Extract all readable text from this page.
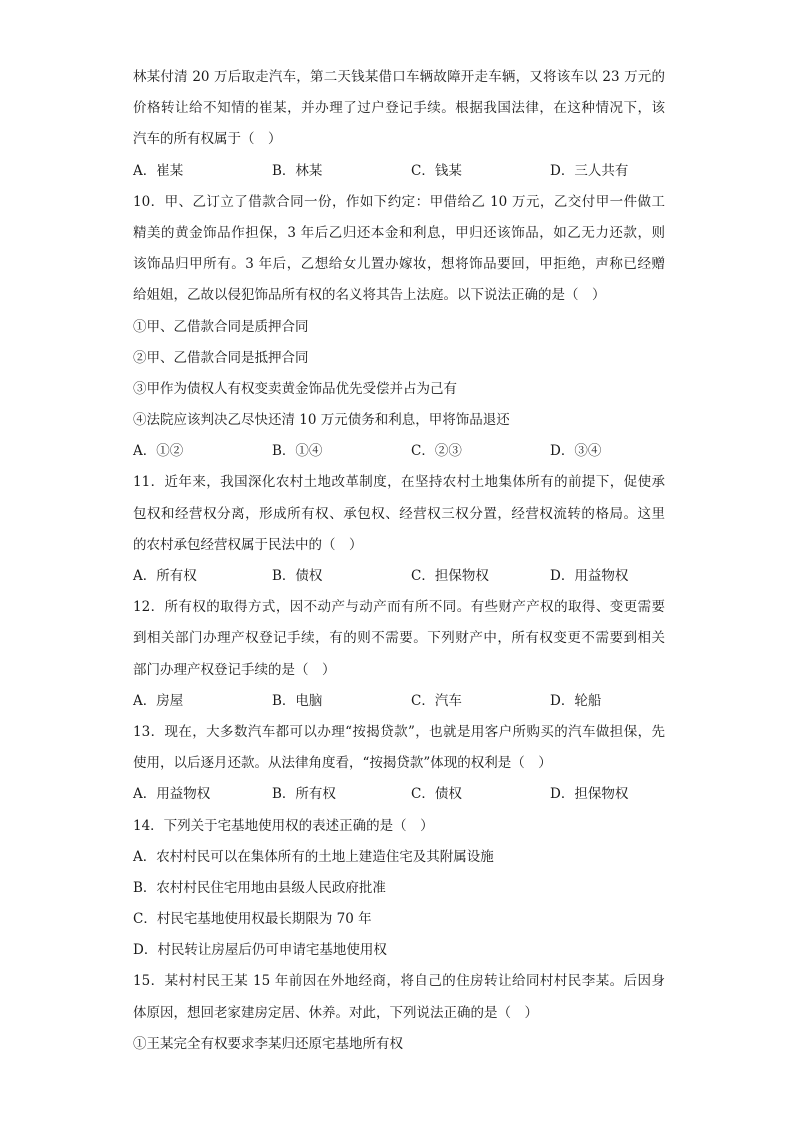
林某付清 20 万后取走汽车，第二天钱某借口车辆故障开走车辆，又将该车以 23 万元的
价格转让给不知情的崔某，并办理了过户登记手续。根据我国法律，在这种情况下，该
汽车的所有权属于（　）
A．崔某	B．林某	C．钱某	D．三人共有
10．甲、乙订立了借款合同一份，作如下约定：甲借给乙 10 万元，乙交付甲一件做工
精美的黄金饰品作担保，3 年后乙归还本金和利息，甲归还该饰品，如乙无力还款，则
该饰品归甲所有。3 年后，乙想给女儿置办嫁妆，想将饰品要回，甲拒绝，声称已经赠
给姐姐，乙故以侵犯饰品所有权的名义将其告上法庭。以下说法正确的是（　）
①甲、乙借款合同是质押合同
②甲、乙借款合同是抵押合同
③甲作为债权人有权变卖黄金饰品优先受偿并占为己有
④法院应该判决乙尽快还清 10 万元债务和利息，甲将饰品退还
A．①②	B．①④	C．②③	D．③④
11．近年来，我国深化农村土地改革制度，在坚持农村土地集体所有的前提下，促使承
包权和经营权分离，形成所有权、承包权、经营权三权分置，经营权流转的格局。这里
的农村承包经营权属于民法中的（　）
A．所有权	B．债权	C．担保物权	D．用益物权
12．所有权的取得方式，因不动产与动产而有所不同。有些财产产权的取得、变更需要
到相关部门办理产权登记手续，有的则不需要。下列财产中，所有权变更不需要到相关
部门办理产权登记手续的是（　）
A．房屋	B．电脑	C．汽车	D．轮船
13．现在，大多数汽车都可以办理“按揭贷款”，也就是用客户所购买的汽车做担保，先
使用，以后逐月还款。从法律角度看，“按揭贷款”体现的权利是（　）
A．用益物权	B．所有权	C．债权	D．担保物权
14．下列关于宅基地使用权的表述正确的是（　）
A．农村村民可以在集体所有的土地上建造住宅及其附属设施
B．农村村民住宅用地由县级人民政府批准
C．村民宅基地使用权最长期限为 70 年
D．村民转让房屋后仍可申请宅基地使用权
15．某村村民王某 15 年前因在外地经商，将自己的住房转让给同村村民李某。后因身
体原因，想回老家建房定居、休养。对此，下列说法正确的是（　）
①王某完全有权要求李某归还原宅基地所有权
